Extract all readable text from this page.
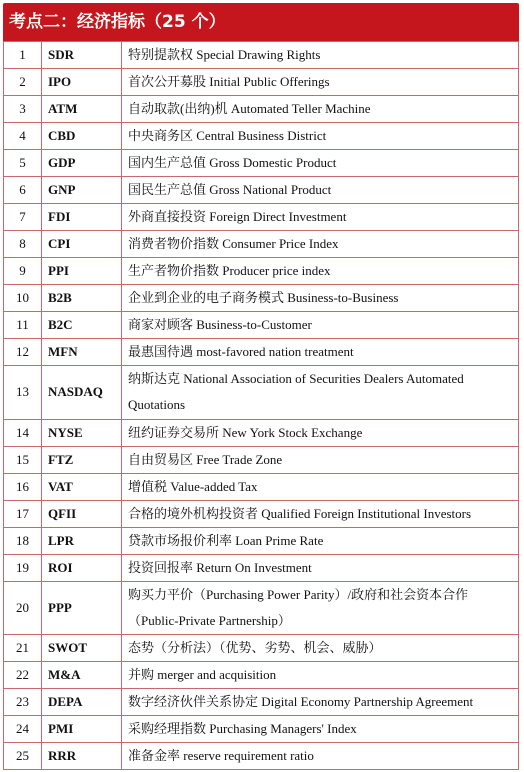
考点二：经济指标（25 个）
1	SDR	特别提款权 Special Drawing Rights
2	IPO	首次公开募股 Initial Public Offerings
3	ATM	自动取款(出纳)机 Automated Teller Machine
4	CBD	中央商务区 Central Business District
5	GDP	国内生产总值 Gross Domestic Product
6	GNP	国民生产总值 Gross National Product
7	FDI	外商直接投资 Foreign Direct Investment
8	CPI	消费者物价指数 Consumer Price Index
9	PPI	生产者物价指数 Producer price index
10	B2B	企业到企业的电子商务模式 Business-to-Business
11	B2C	商家对顾客 Business-to-Customer
12	MFN	最惠国待遇 most-favored nation treatment
13	NASDAQ	纳斯达克 National Association of Securities Dealers Automated Quotations
14	NYSE	纽约证券交易所 New York Stock Exchange
15	FTZ	自由贸易区 Free Trade Zone
16	VAT	增值税 Value-added Tax
17	QFII	合格的境外机构投资者 Qualified Foreign Institutional Investors
18	LPR	贷款市场报价利率 Loan Prime Rate
19	ROI	投资回报率 Return On Investment
20	PPP	购买力平价（Purchasing Power Parity）/政府和社会资本合作（Public-Private Partnership）
21	SWOT	态势（分析法）（优势、劣势、机会、威胁）
22	M&A	并购 merger and acquisition
23	DEPA	数字经济伙伴关系协定 Digital Economy Partnership Agreement
24	PMI	采购经理指数 Purchasing Managers' Index
25	RRR	准备金率 reserve requirement ratio
